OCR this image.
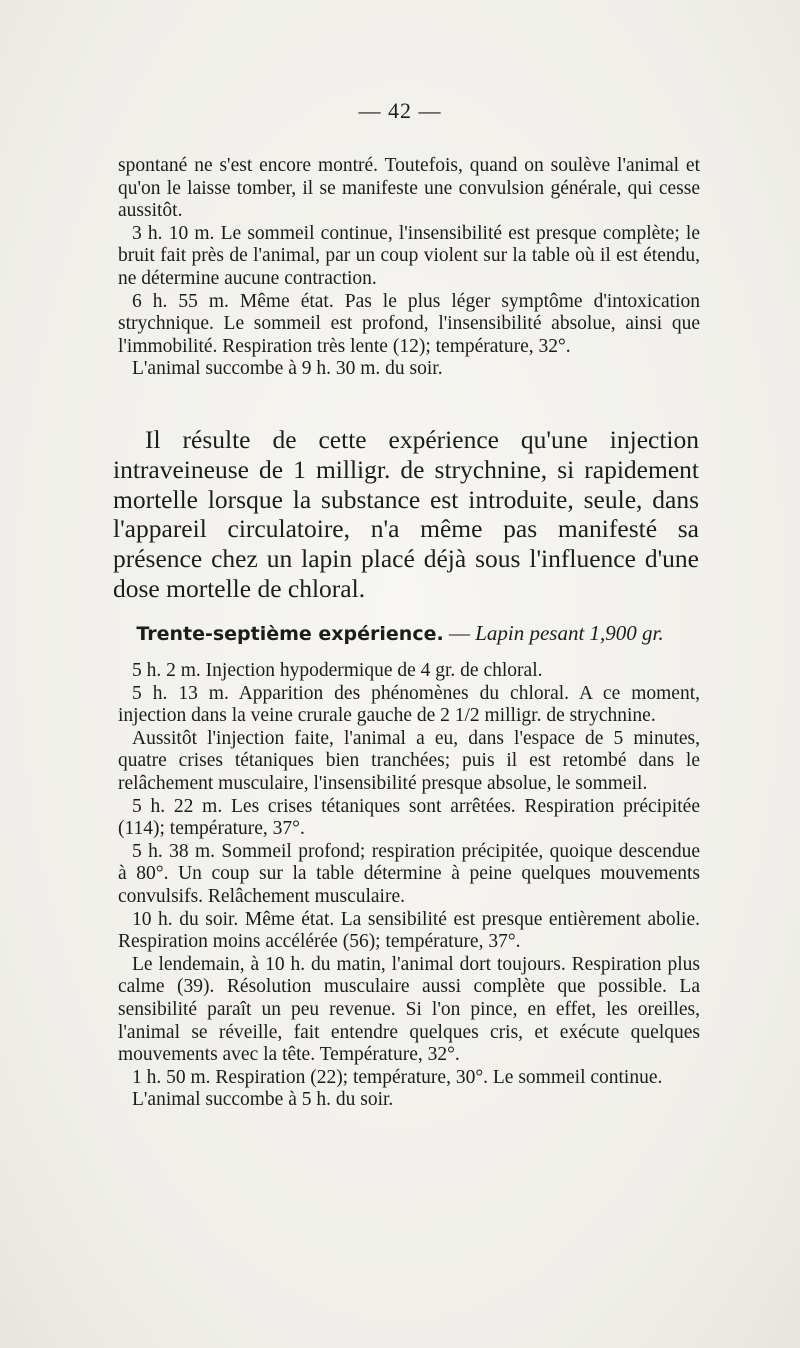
— 42 —

spontané ne s'est encore montré. Toutefois, quand on soulève l'animal et qu'on le laisse tomber, il se manifeste une convulsion générale, qui cesse aussitôt.

3 h. 10 m. Le sommeil continue, l'insensibilité est presque complète; le bruit fait près de l'animal, par un coup violent sur la table où il est étendu, ne détermine aucune contraction.

6 h. 55 m. Même état. Pas le plus léger symptôme d'intoxication strychnique. Le sommeil est profond, l'insensibilité absolue, ainsi que l'immobilité. Respiration très lente (12); température, 32°.

L'animal succombe à 9 h. 30 m. du soir.

Il résulte de cette expérience qu'une injection intraveineuse de 1 milligr. de strychnine, si rapidement mortelle lorsque la substance est introduite, seule, dans l'appareil circulatoire, n'a même pas manifesté sa présence chez un lapin placé déjà sous l'influence d'une dose mortelle de chloral.

Trente-septième expérience. — Lapin pesant 1,900 gr.

5 h. 2 m. Injection hypodermique de 4 gr. de chloral.

5 h. 13 m. Apparition des phénomènes du chloral. A ce moment, injection dans la veine crurale gauche de 2 1/2 milligr. de strychnine.

Aussitôt l'injection faite, l'animal a eu, dans l'espace de 5 minutes, quatre crises tétaniques bien tranchées; puis il est retombé dans le relâchement musculaire, l'insensibilité presque absolue, le sommeil.

5 h. 22 m. Les crises tétaniques sont arrêtées. Respiration précipitée (114); température, 37°.

5 h. 38 m. Sommeil profond; respiration précipitée, quoique descendue à 80°. Un coup sur la table détermine à peine quelques mouvements convulsifs. Relâchement musculaire.

10 h. du soir. Même état. La sensibilité est presque entièrement abolie. Respiration moins accélérée (56); température, 37°.

Le lendemain, à 10 h. du matin, l'animal dort toujours. Respiration plus calme (39). Résolution musculaire aussi complète que possible. La sensibilité paraît un peu revenue. Si l'on pince, en effet, les oreilles, l'animal se réveille, fait entendre quelques cris, et exécute quelques mouvements avec la tête. Température, 32°.

1 h. 50 m. Respiration (22); température, 30°. Le sommeil continue.

L'animal succombe à 5 h. du soir.
